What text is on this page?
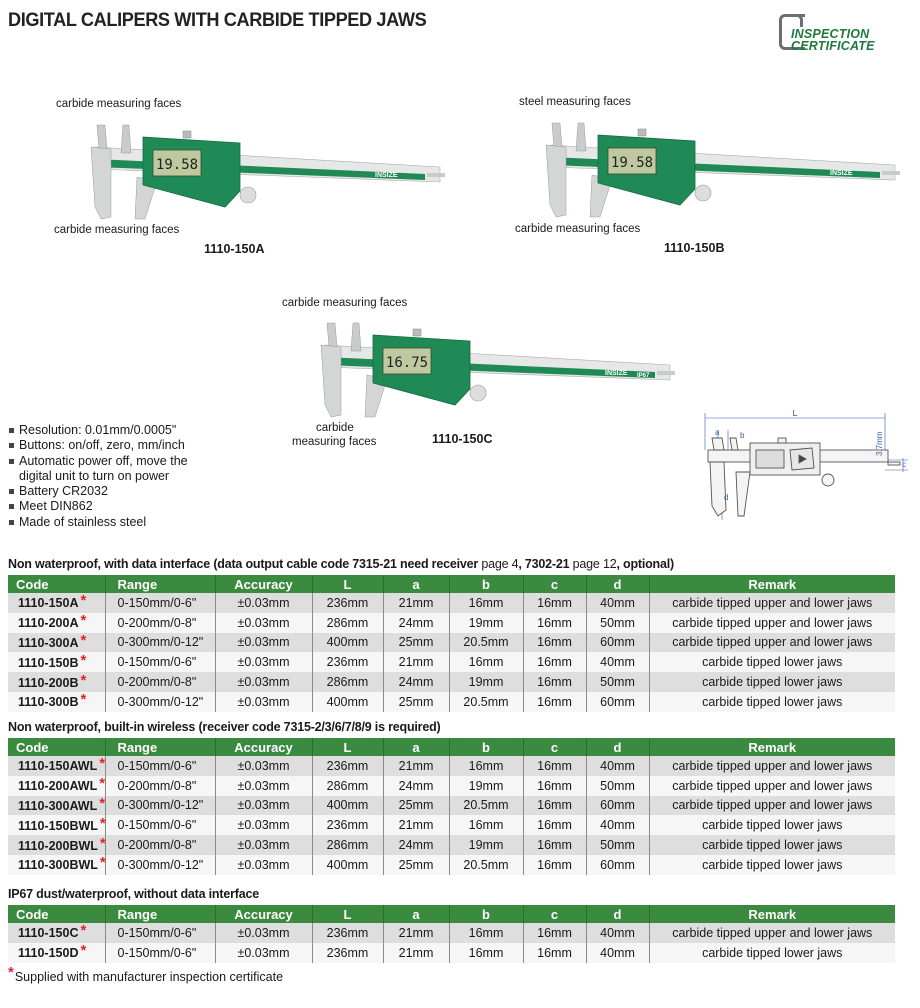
DIGITAL CALIPERS WITH CARBIDE TIPPED JAWS
INSPECTION
CERTIFICATE
carbide measuring faces
19.58
INSIZE
carbide measuring faces
1110-150A
steel measuring faces
19.58
INSIZE
carbide measuring faces
1110-150B
carbide measuring faces
16.75
INSIZE IP67
carbide
measuring faces	1110-150C
Resolution: 0.01mm/0.0005"
Buttons: on/off, zero, mm/inch
Automatic power off, move the
digital unit to turn on power
Battery CR2032
Meet DIN862
Made of stainless steel
L
a	b
c
d
3.7mm
Non waterproof, with data interface (data output cable code 7315-21 need receiver page 4, 7302-21 page 12, optional)
Code	Range	Accuracy	L	a	b	c	d	Remark
1110-150A *	0-150mm/0-6"	±0.03mm	236mm	21mm	16mm	16mm	40mm	carbide tipped upper and lower jaws
1110-200A *	0-200mm/0-8"	±0.03mm	286mm	24mm	19mm	16mm	50mm	carbide tipped upper and lower jaws
1110-300A *	0-300mm/0-12"	±0.03mm	400mm	25mm	20.5mm	16mm	60mm	carbide tipped upper and lower jaws
1110-150B *	0-150mm/0-6"	±0.03mm	236mm	21mm	16mm	16mm	40mm	carbide tipped lower jaws
1110-200B *	0-200mm/0-8"	±0.03mm	286mm	24mm	19mm	16mm	50mm	carbide tipped lower jaws
1110-300B *	0-300mm/0-12"	±0.03mm	400mm	25mm	20.5mm	16mm	60mm	carbide tipped lower jaws
Non waterproof, built-in wireless (receiver code 7315-2/3/6/7/8/9 is required)
Code	Range	Accuracy	L	a	b	c	d	Remark
1110-150AWL *	0-150mm/0-6"	±0.03mm	236mm	21mm	16mm	16mm	40mm	carbide tipped upper and lower jaws
1110-200AWL *	0-200mm/0-8"	±0.03mm	286mm	24mm	19mm	16mm	50mm	carbide tipped upper and lower jaws
1110-300AWL *	0-300mm/0-12"	±0.03mm	400mm	25mm	20.5mm	16mm	60mm	carbide tipped upper and lower jaws
1110-150BWL *	0-150mm/0-6"	±0.03mm	236mm	21mm	16mm	16mm	40mm	carbide tipped lower jaws
1110-200BWL *	0-200mm/0-8"	±0.03mm	286mm	24mm	19mm	16mm	50mm	carbide tipped lower jaws
1110-300BWL *	0-300mm/0-12"	±0.03mm	400mm	25mm	20.5mm	16mm	60mm	carbide tipped lower jaws
IP67 dust/waterproof, without data interface
Code	Range	Accuracy	L	a	b	c	d	Remark
1110-150C *	0-150mm/0-6"	±0.03mm	236mm	21mm	16mm	16mm	40mm	carbide tipped upper and lower jaws
1110-150D *	0-150mm/0-6"	±0.03mm	236mm	21mm	16mm	16mm	40mm	carbide tipped lower jaws
*Supplied with manufacturer inspection certificate
